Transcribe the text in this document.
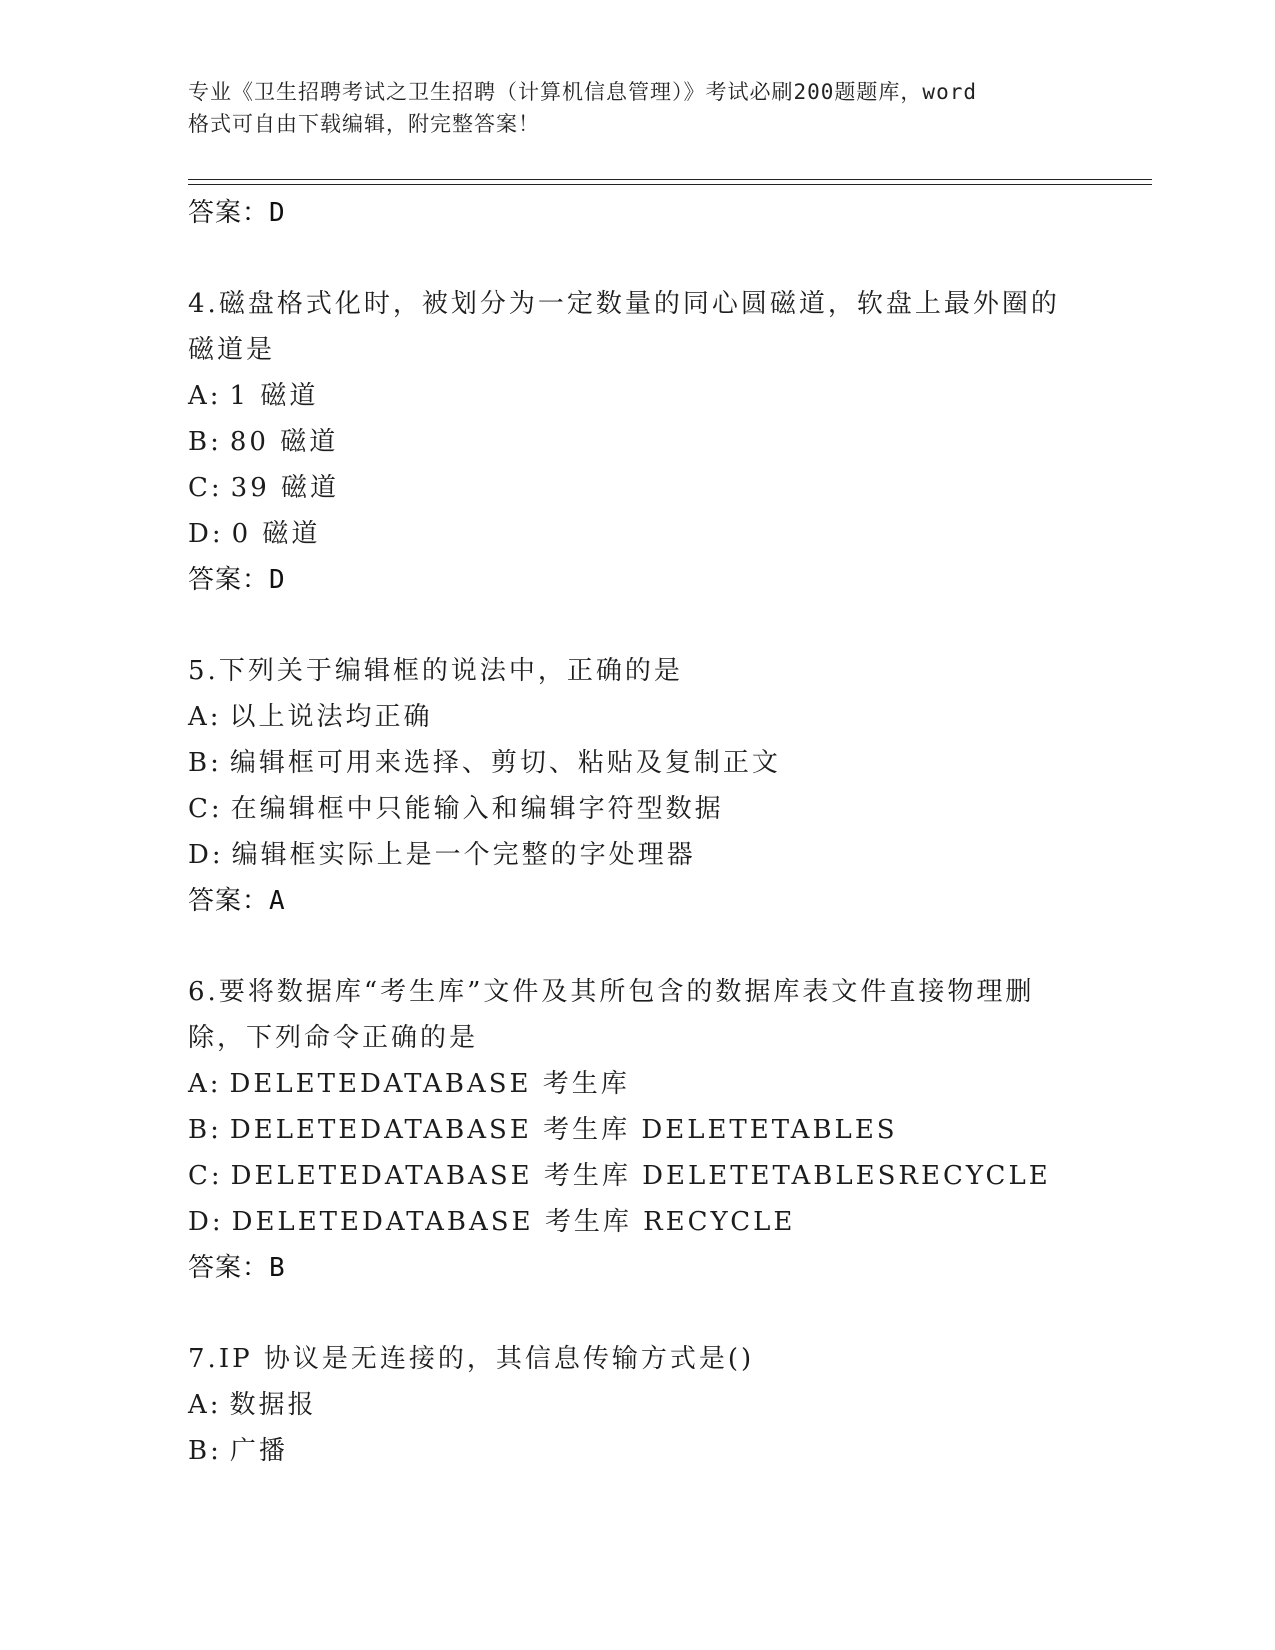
专业《卫生招聘考试之卫生招聘（计算机信息管理）》考试必刷200题题库，word
格式可自由下载编辑，附完整答案！
答案：D
4.磁盘格式化时，被划分为一定数量的同心圆磁道，软盘上最外圈的
磁道是
A: 1 磁道
B: 80 磁道
C: 39 磁道
D: 0 磁道
答案：D
5.下列关于编辑框的说法中，正确的是
A: 以上说法均正确
B: 编辑框可用来选择、剪切、粘贴及复制正文
C: 在编辑框中只能输入和编辑字符型数据
D: 编辑框实际上是一个完整的字处理器
答案：A
6.要将数据库“考生库”文件及其所包含的数据库表文件直接物理删
除，下列命令正确的是
A: DELETEDATABASE 考生库
B: DELETEDATABASE 考生库 DELETETABLES
C: DELETEDATABASE 考生库 DELETETABLESRECYCLE
D: DELETEDATABASE 考生库 RECYCLE
答案：B
7.IP 协议是无连接的，其信息传输方式是()
A: 数据报
B: 广播
